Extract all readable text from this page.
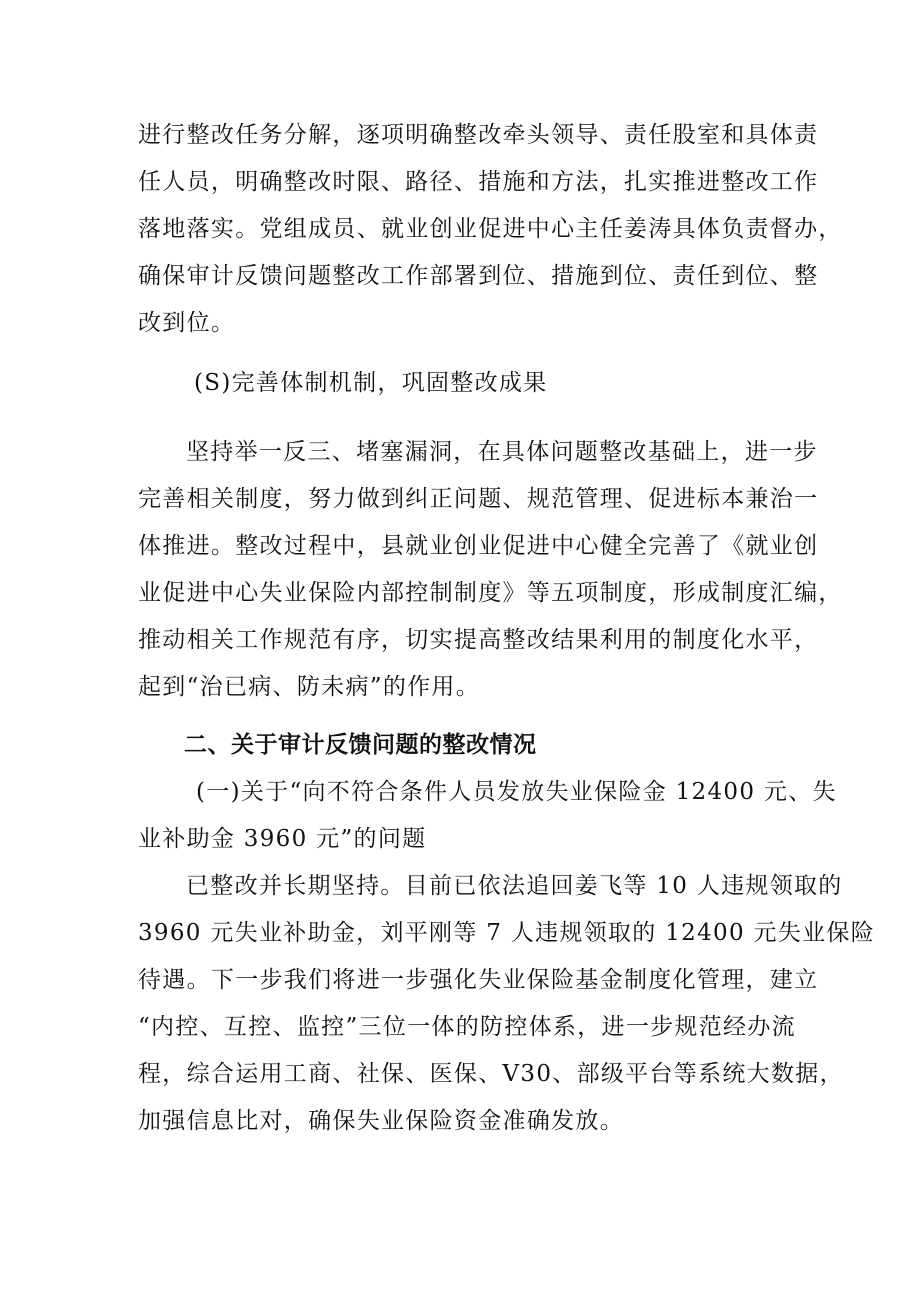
进行整改任务分解，逐项明确整改牵头领导、责任股室和具体责
任人员，明确整改时限、路径、措施和方法，扎实推进整改工作
落地落实。党组成员、就业创业促进中心主任姜涛具体负责督办，
确保审计反馈问题整改工作部署到位、措施到位、责任到位、整
改到位。
(S)完善体制机制，巩固整改成果
坚持举一反三、堵塞漏洞，在具体问题整改基础上，进一步
完善相关制度，努力做到纠正问题、规范管理、促进标本兼治一
体推进。整改过程中，县就业创业促进中心健全完善了《就业创
业促进中心失业保险内部控制制度》等五项制度，形成制度汇编，
推动相关工作规范有序，切实提高整改结果利用的制度化水平，
起到“治已病、防未病”的作用。
二、关于审计反馈问题的整改情况
(一)关于“向不符合条件人员发放失业保险金 12400 元、失
业补助金 3960 元”的问题
已整改并长期坚持。目前已依法追回姜飞等 10 人违规领取的
3960 元失业补助金，刘平刚等 7 人违规领取的 12400 元失业保险
待遇。下一步我们将进一步强化失业保险基金制度化管理，建立
“内控、互控、监控”三位一体的防控体系，进一步规范经办流
程，综合运用工商、社保、医保、V30、部级平台等系统大数据，
加强信息比对，确保失业保险资金准确发放。
